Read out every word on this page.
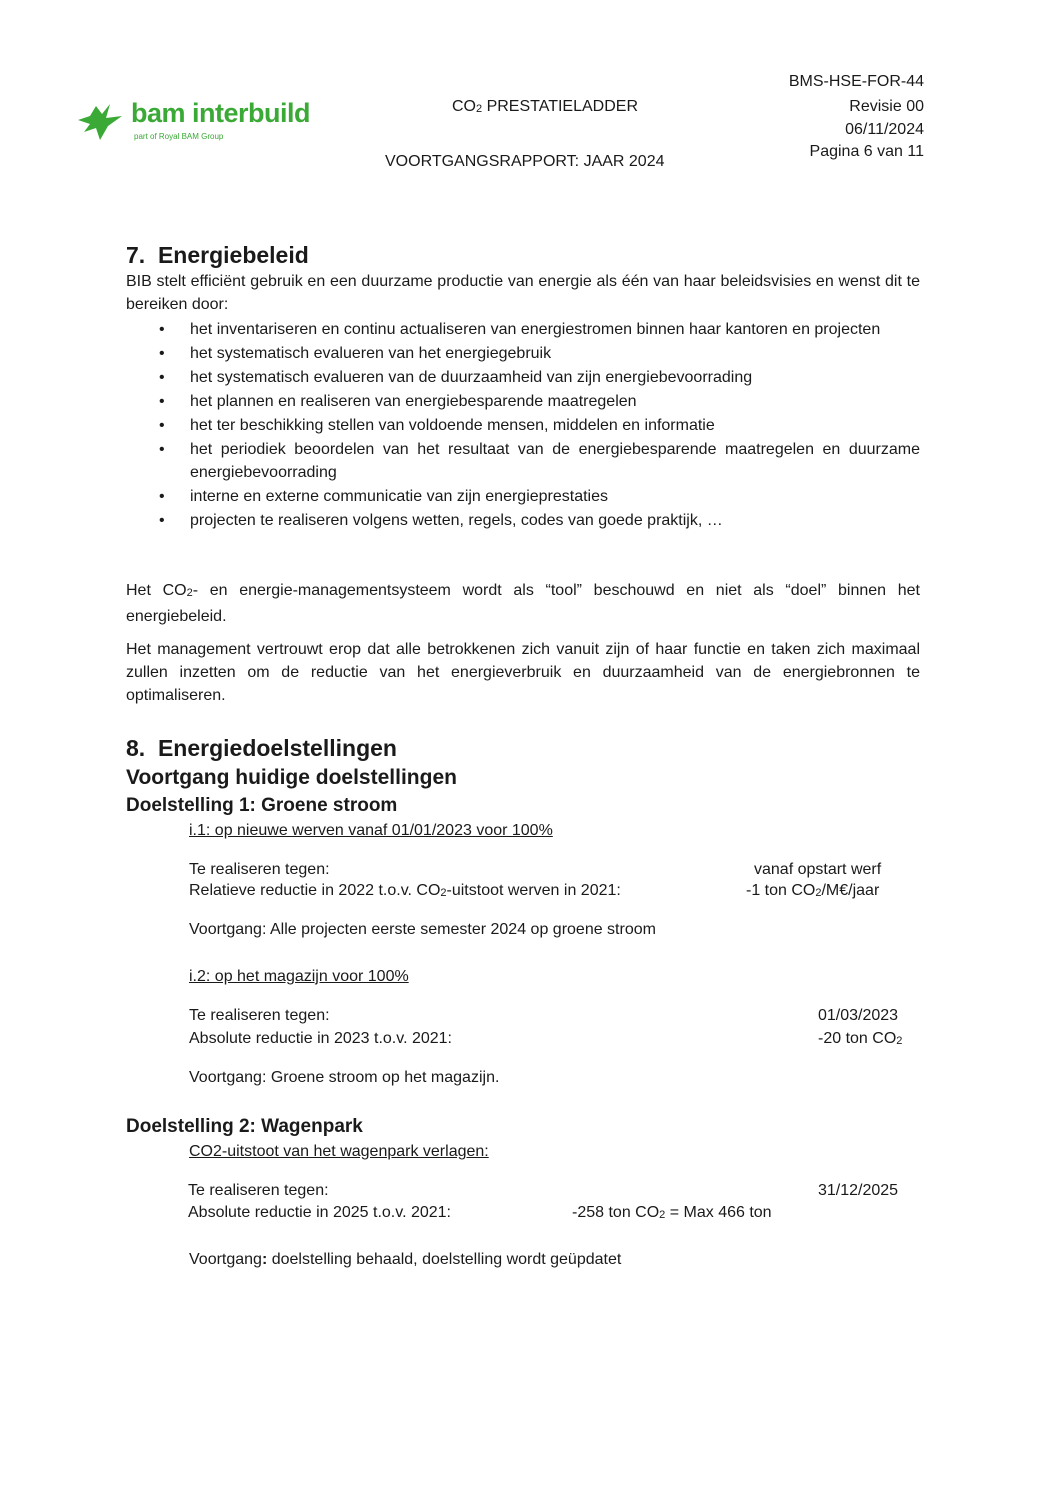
bam interbuild
part of Royal BAM Group
$CO_2$ PRESTATIELADDER
VOORTGANGSRAPPORT: JAAR 2024
BMS-HSE-FOR-44
Revisie 00
06/11/2024
Pagina 6 van 11
7.  Energiebeleid
BIB stelt efficiënt gebruik en een duurzame productie van energie als één van haar beleidsvisies en wenst dit te bereiken door:
• het inventariseren en continu actualiseren van energiestromen binnen haar kantoren en projecten
• het systematisch evalueren van het energiegebruik
• het systematisch evalueren van de duurzaamheid van zijn energiebevoorrading
• het plannen en realiseren van energiebesparende maatregelen
• het ter beschikking stellen van voldoende mensen, middelen en informatie
• het periodiek beoordelen van het resultaat van de energiebesparende maatregelen en duurzame energiebevoorrading
• interne en externe communicatie van zijn energieprestaties
• projecten te realiseren volgens wetten, regels, codes van goede praktijk, …
Het $CO_2-$ en energie-managementsysteem wordt als “tool” beschouwd en niet als “doel” binnen het energiebeleid.
Het management vertrouwt erop dat alle betrokkenen zich vanuit zijn of haar functie en taken zich maximaal zullen inzetten om de reductie van het energieverbruik en duurzaamheid van de energiebronnen te optimaliseren.
8.  Energiedoelstellingen
Voortgang huidige doelstellingen
Doelstelling 1: Groene stroom
i.1: op nieuwe werven vanaf 01/01/2023 voor 100%
Te realiseren tegen:	vanaf opstart werf
Relatieve reductie in 2022 t.o.v. $CO_2$-uitstoot werven in 2021:	-1 ton $CO_2/M€$/jaar
Voortgang: Alle projecten eerste semester 2024 op groene stroom
i.2: op het magazijn voor 100%
Te realiseren tegen:	01/03/2023
Absolute reductie in 2023 t.o.v. 2021:	-20 ton $CO_2$
Voortgang: Groene stroom op het magazijn.
Doelstelling 2: Wagenpark
CO2-uitstoot van het wagenpark verlagen:
Te realiseren tegen:	31/12/2025
Absolute reductie in 2025 t.o.v. 2021:	-258 ton $CO_2$ = Max 466 ton
Voortgang: doelstelling behaald, doelstelling wordt geüpdatet
